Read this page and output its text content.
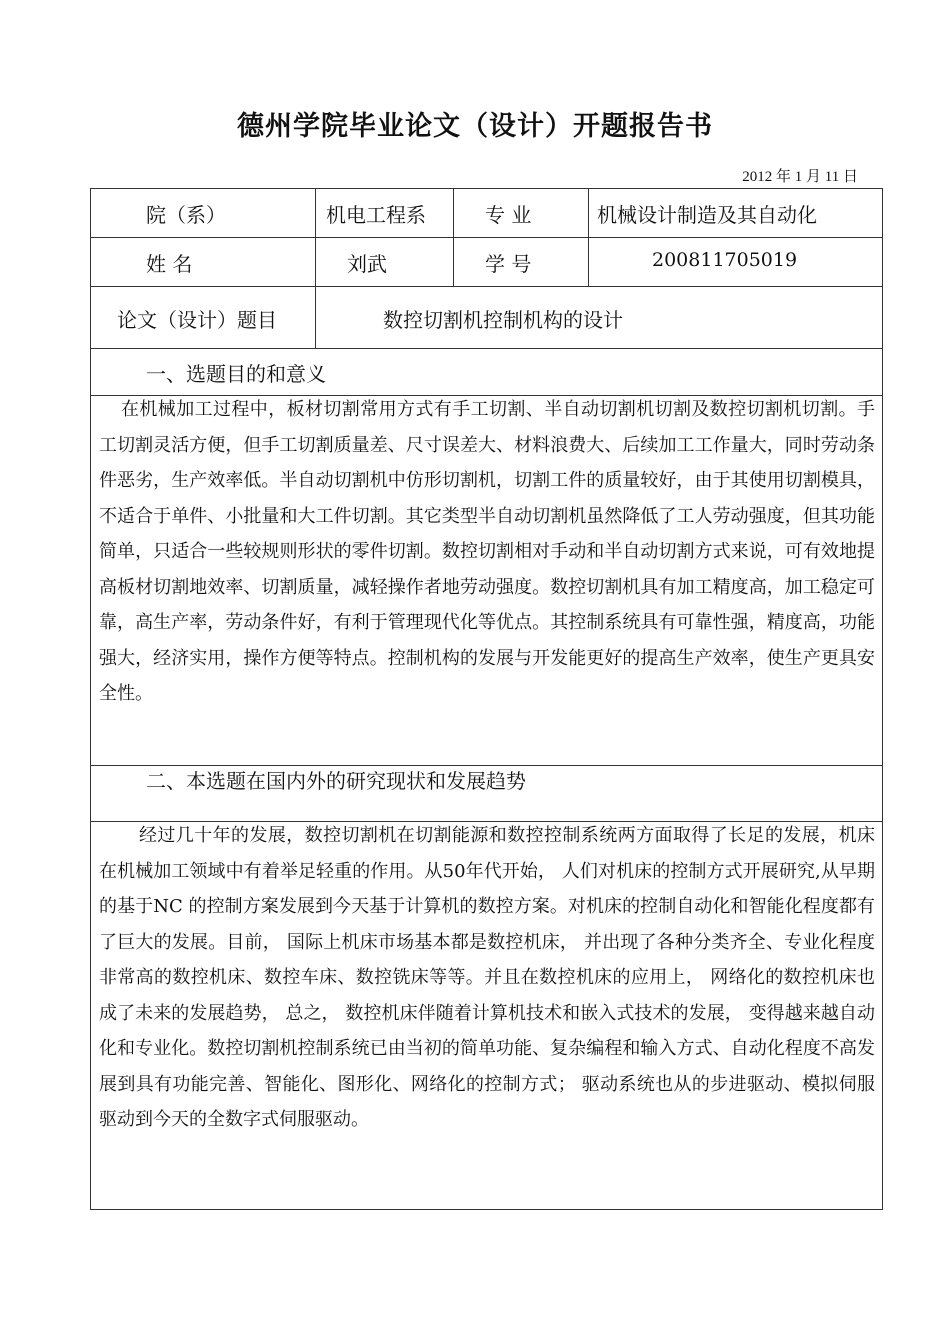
德州学院毕业论文（设计）开题报告书
2012 年 1 月 11 日
院（系）	机电工程系	专 业	机械设计制造及其自动化
姓 名	刘武	学 号	200811705019
论文（设计）题目	数控切割机控制机构的设计
一、选题目的和意义

在机械加工过程中，板材切割常用方式有手工切割、半自动切割机切割及数控切割机切割。手工切割灵活方便，但手工切割质量差、尺寸误差大、材料浪费大、后续加工工作量大，同时劳动条件恶劣，生产效率低。半自动切割机中仿形切割机，切割工件的质量较好，由于其使用切割模具，不适合于单件、小批量和大工件切割。其它类型半自动切割机虽然降低了工人劳动强度，但其功能简单，只适合一些较规则形状的零件切割。数控切割相对手动和半自动切割方式来说，可有效地提高板材切割地效率、切割质量，减轻操作者地劳动强度。数控切割机具有加工精度高，加工稳定可靠，高生产率，劳动条件好，有利于管理现代化等优点。其控制系统具有可靠性强，精度高，功能强大，经济实用，操作方便等特点。控制机构的发展与开发能更好的提高生产效率，使生产更具安全性。

二、本选题在国内外的研究现状和发展趋势

经过几十年的发展，数控切割机在切割能源和数控控制系统两方面取得了长足的发展，机床在机械加工领域中有着举足轻重的作用。从50年代开始， 人们对机床的控制方式开展研究,从早期的基于NC 的控制方案发展到今天基于计算机的数控方案。对机床的控制自动化和智能化程度都有了巨大的发展。目前， 国际上机床市场基本都是数控机床， 并出现了各种分类齐全、专业化程度非常高的数控机床、数控车床、数控铣床等等。并且在数控机床的应用上， 网络化的数控机床也成了未来的发展趋势， 总之， 数控机床伴随着计算机技术和嵌入式技术的发展， 变得越来越自动化和专业化。数控切割机控制系统已由当初的简单功能、复杂编程和输入方式、自动化程度不高发展到具有功能完善、智能化、图形化、网络化的控制方式； 驱动系统也从的步进驱动、模拟伺服驱动到今天的全数字式伺服驱动。
